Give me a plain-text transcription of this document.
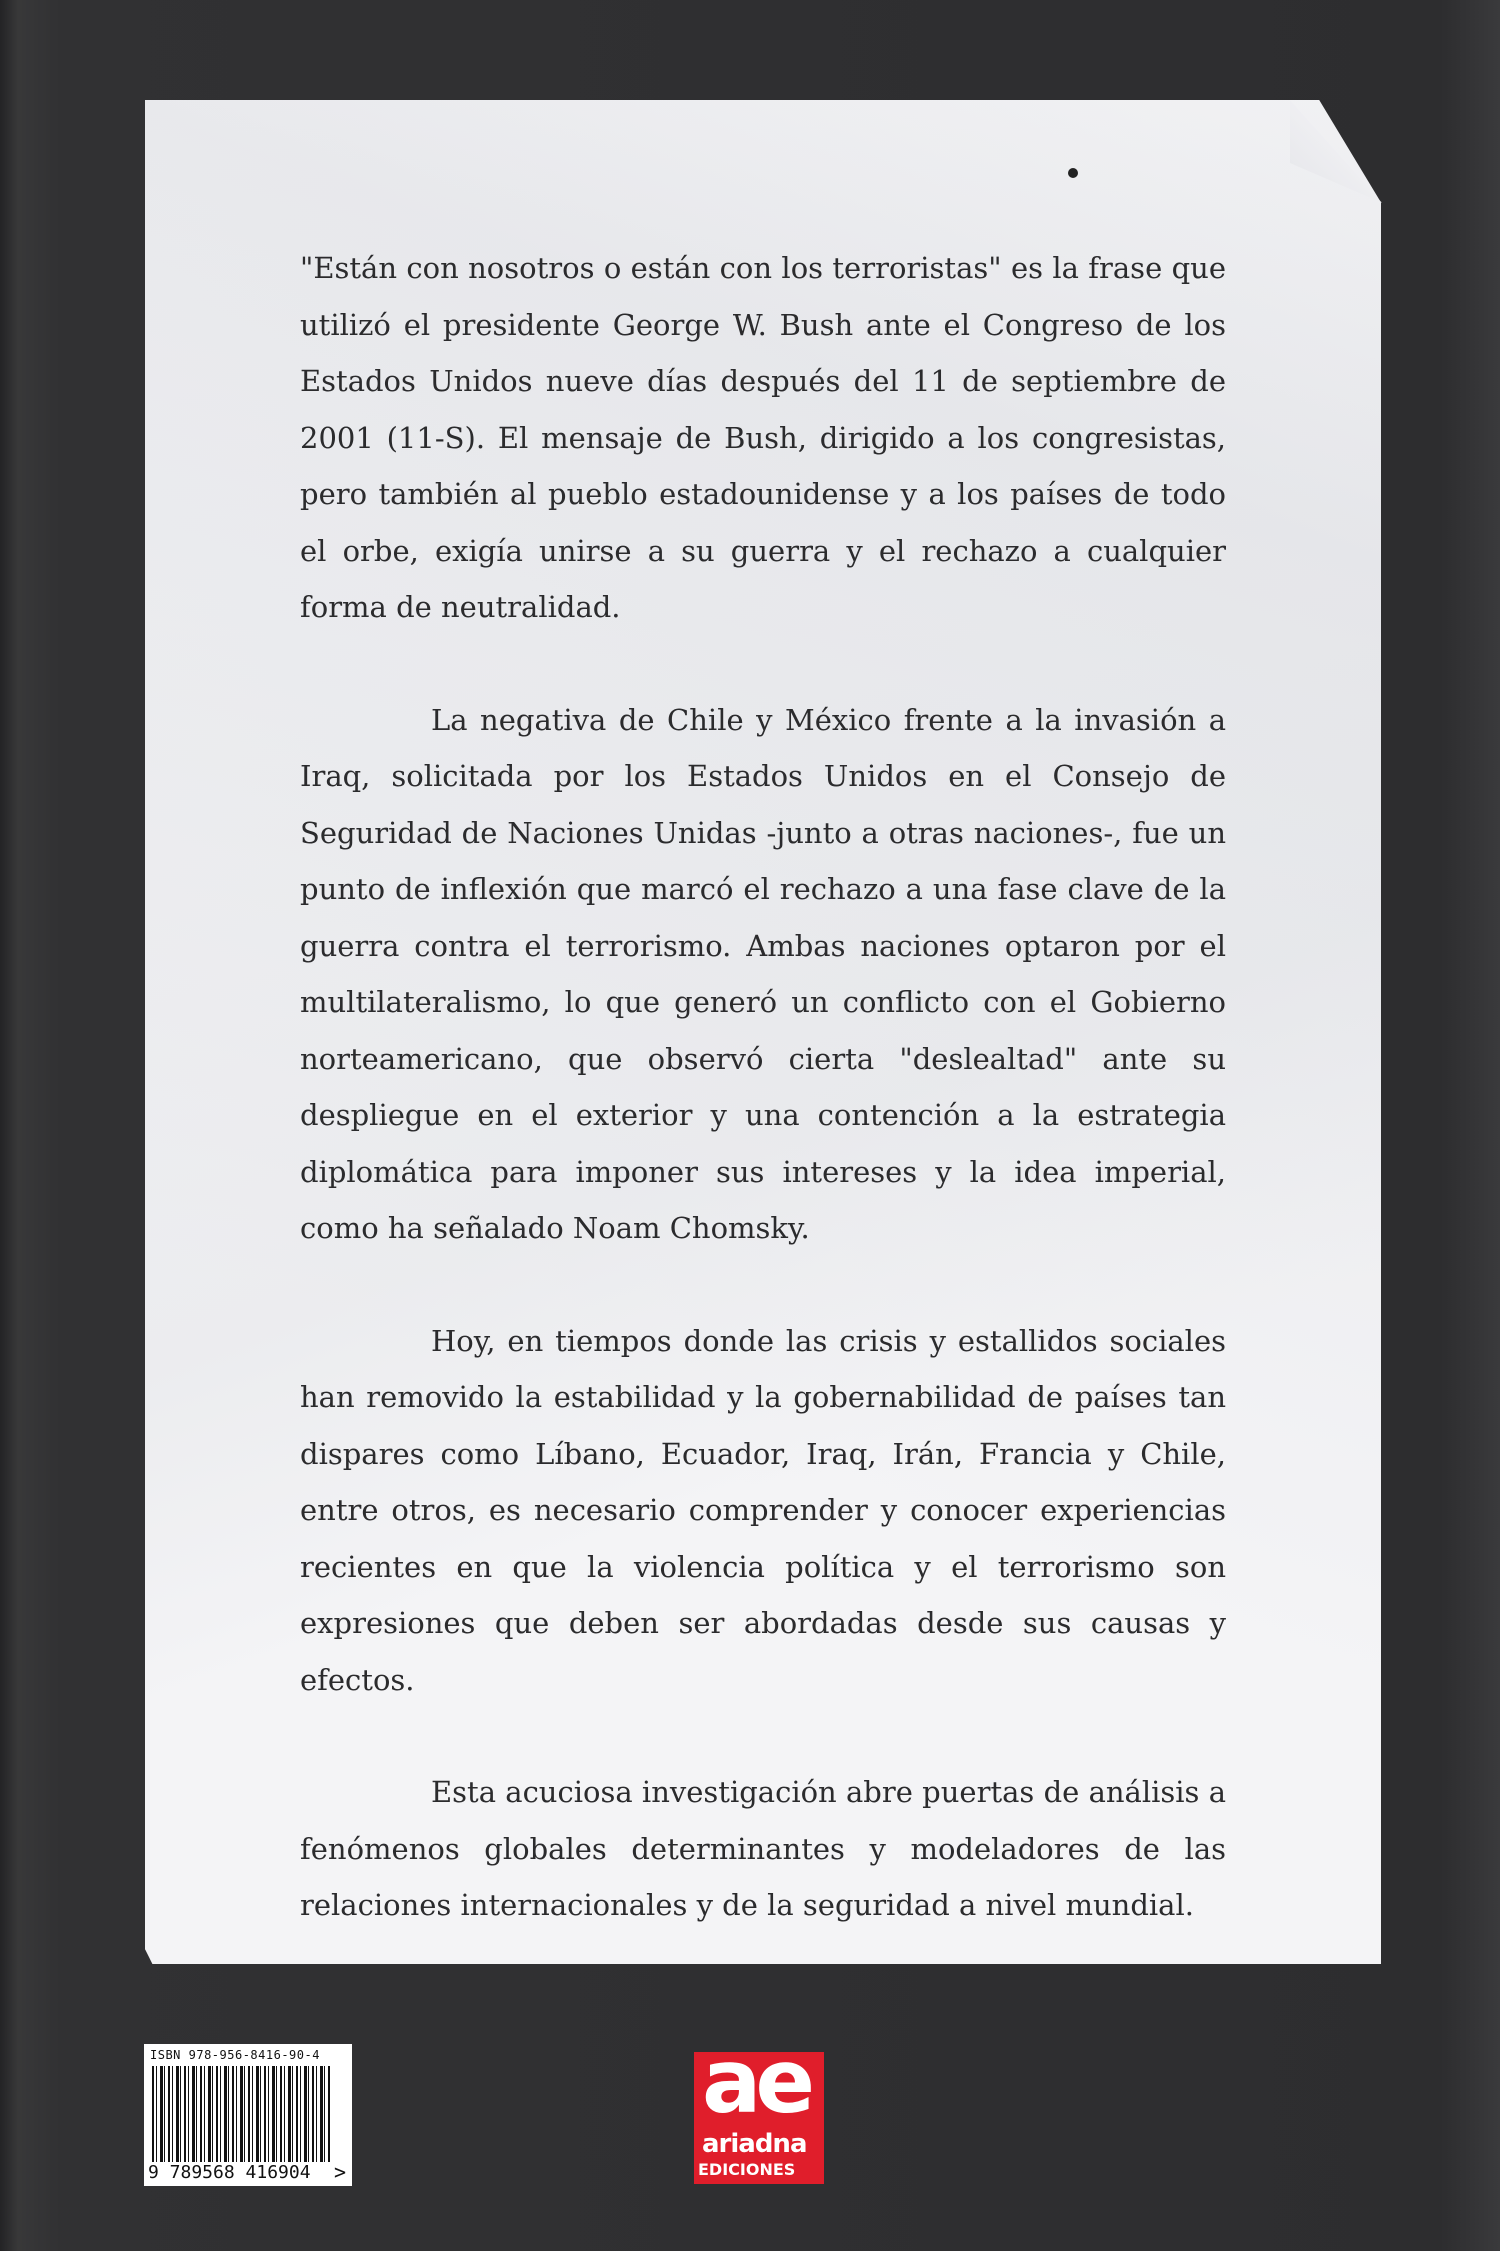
"Están con nosotros o están con los terroristas" es la frase que utilizó el presidente George W. Bush ante el Congreso de los Estados Unidos nueve días después del 11 de septiembre de 2001 (11-S). El mensaje de Bush, dirigido a los congresistas, pero también al pueblo estadounidense y a los países de todo el orbe, exigía unirse a su guerra y el rechazo a cualquier forma de neutralidad.

La negativa de Chile y México frente a la invasión a Iraq, solicitada por los Estados Unidos en el Consejo de Seguridad de Naciones Unidas -junto a otras naciones-, fue un punto de inflexión que marcó el rechazo a una fase clave de la guerra contra el terrorismo. Ambas naciones optaron por el multilateralismo, lo que generó un conflicto con el Gobierno norteamericano, que observó cierta "deslealtad" ante su despliegue en el exterior y una contención a la estrategia diplomática para imponer sus intereses y la idea imperial, como ha señalado Noam Chomsky.

Hoy, en tiempos donde las crisis y estallidos sociales han removido la estabilidad y la gobernabilidad de países tan dispares como Líbano, Ecuador, Iraq, Irán, Francia y Chile, entre otros, es necesario comprender y conocer experiencias recientes en que la violencia política y el terrorismo son expresiones que deben ser abordadas desde sus causas y efectos.

Esta acuciosa investigación abre puertas de análisis a fenómenos globales determinantes y modeladores de las relaciones internacionales y de la seguridad a nivel mundial.

ISBN 978-956-8416-90-4
9 789568 416904 >
ae
ariadna
EDICIONES
